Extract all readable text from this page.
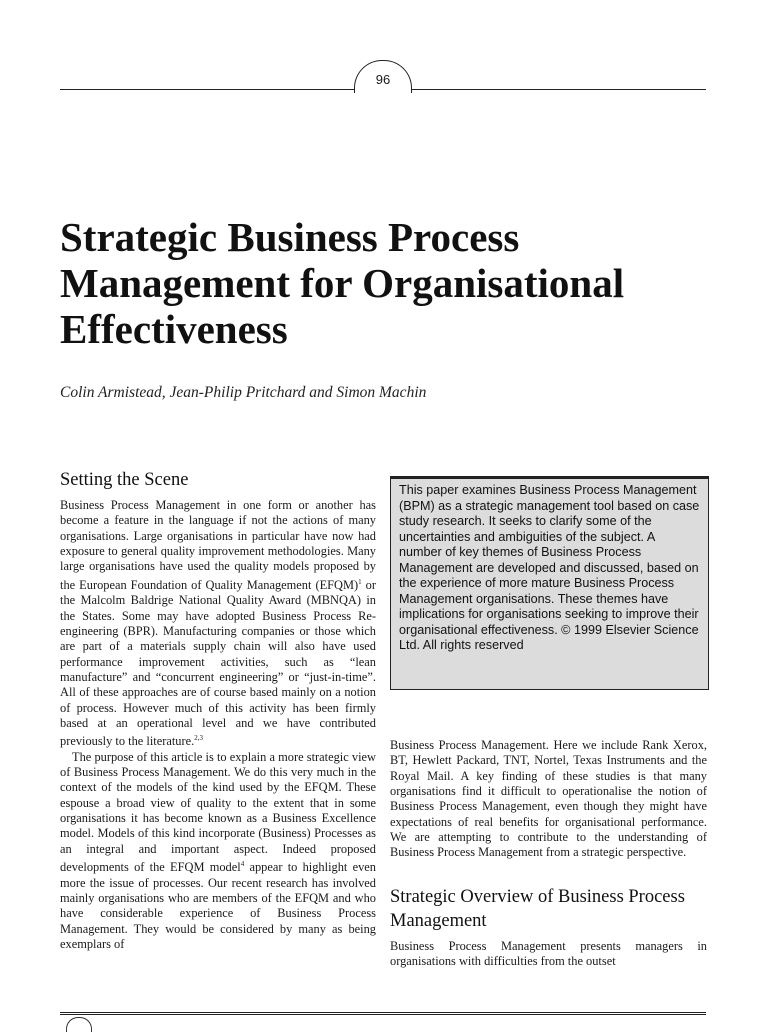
96
Strategic Business Process
Management for Organisational
Effectiveness

Colin Armistead, Jean-Philip Pritchard and Simon Machin

Setting the Scene

Business Process Management in one form or another has become a feature in the language if not the actions of many organisations. Large organisations in particular have now had exposure to general quality improvement methodologies. Many large organisations have used the quality models proposed by the European Foundation of Quality Management (EFQM)$^1$ or the Malcolm Baldrige National Quality Award (MBNQA) in the States. Some may have adopted Business Process Re-engineering (BPR). Manufacturing companies or those which are part of a materials supply chain will also have used performance improvement activities, such as “lean manufacture” and “concurrent engineering” or “just-in-time”. All of these approaches are of course based mainly on a notion of process. However much of this activity has been firmly based at an operational level and we have contributed previously to the literature.$^{2,3}$

The purpose of this article is to explain a more strategic view of Business Process Management. We do this very much in the context of the models of the kind used by the EFQM. These espouse a broad view of quality to the extent that in some organisations it has become known as a Business Excellence model. Models of this kind incorporate (Business) Processes as an integral and important aspect. Indeed proposed developments of the EFQM model$^4$ appear to highlight even more the issue of processes. Our recent research has involved mainly organisations who are members of the EFQM and who have considerable experience of Business Process Management. They would be considered by many as being exemplars of

This paper examines Business Process Management (BPM) as a strategic management tool based on case study research. It seeks to clarify some of the uncertainties and ambiguities of the subject. A number of key themes of Business Process Management are developed and discussed, based on the experience of more mature Business Process Management organisations. These themes have implications for organisations seeking to improve their organisational effectiveness. © 1999 Elsevier Science Ltd. All rights reserved

Business Process Management. Here we include Rank Xerox, BT, Hewlett Packard, TNT, Nortel, Texas Instruments and the Royal Mail. A key finding of these studies is that many organisations find it difficult to operationalise the notion of Business Process Management, even though they might have expectations of real benefits for organisational performance. We are attempting to contribute to the understanding of Business Process Management from a strategic perspective.

Strategic Overview of Business Process Management

Business Process Management presents managers in organisations with difficulties from the outset
